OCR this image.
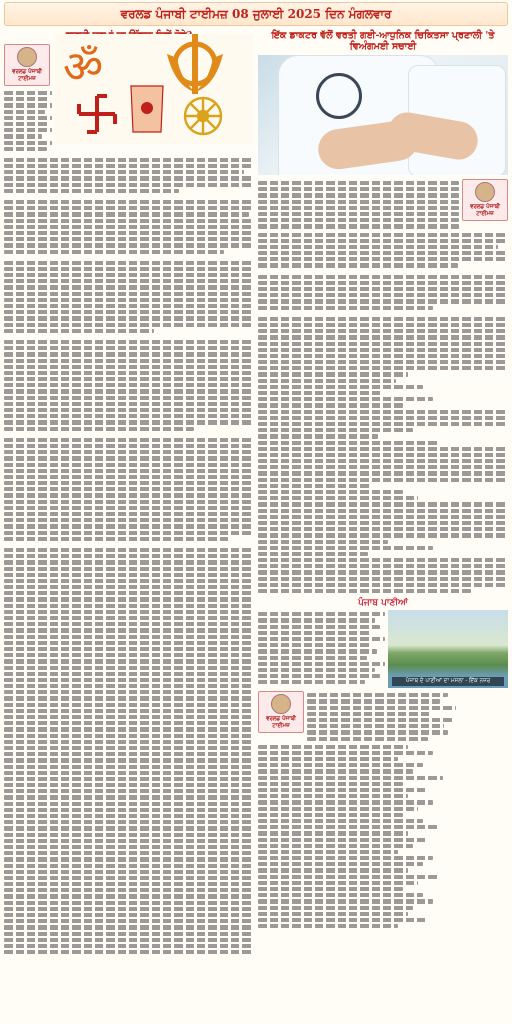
ਵਰਲਡ ਪੰਜਾਬੀ ਟਾਈਮਜ਼ 08 ਜੁਲਾਈ 2025 ਦਿਨ ਮੰਗਲਵਾਰ
ਵਰਲਡ ਪੰਜਾਬੀ ਟਾਈਮਜ਼ ॐ
ਇੱਕ ਡਾਕਟਰ ਵੱਲੋਂ ਵਰਤੀ ਗਈ-ਆਧੁਨਿਕ ਚਿਕਿਤਸਾ ਪ੍ਰਣਾਲੀ 'ਤੇ ਵਿਅੰਗਮਈ ਸਚਾਈ
ਵਰਲਡ ਪੰਜਾਬੀ ਟਾਈਮਜ਼
ਪੰਜਾਬ ਪਾਣੀਆਂ
ਪੰਜਾਬ ਦੇ ਪਾਣੀਆਂ ਦਾ ਮਸਲਾ - ਇੱਕ ਨਜ਼ਰ
ਵਰਲਡ ਪੰਜਾਬੀ ਟਾਈਮਜ਼
